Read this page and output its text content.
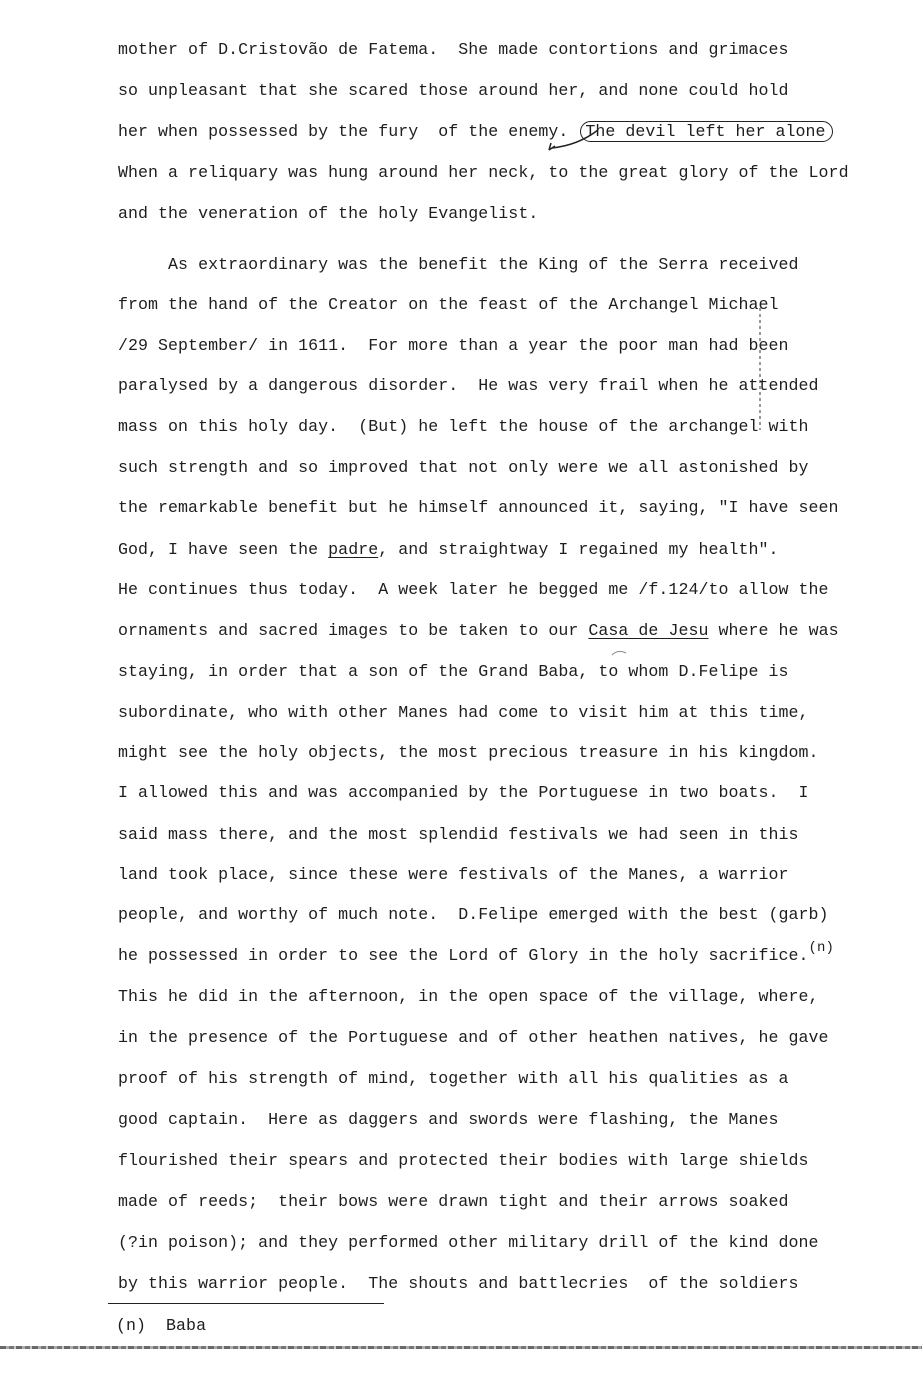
mother of D.Cristovão de Fatema.  She made contortions and grimaces
so unpleasant that she scared those around her, and none could hold
her when possessed by the fury  of the enemy. The devil left her alone
When a reliquary was hung around her neck, to the great glory of the Lord
and the veneration of the holy Evangelist.
As extraordinary was the benefit the King of the Serra received
from the hand of the Creator on the feast of the Archangel Michael
/29 September/ in 1611.  For more than a year the poor man had been
paralysed by a dangerous disorder.  He was very frail when he attended
mass on this holy day.  (But) he left the house of the archangel with
such strength and so improved that not only were we all astonished by
the remarkable benefit but he himself announced it, saying, "I have seen
God, I have seen the padre, and straightway I regained my health".
He continues thus today.  A week later he begged me /f.124/to allow the
ornaments and sacred images to be taken to our Casa de Jesu where he was
staying, in order that a son of the Grand Baba, to whom D.Felipe is
subordinate, who with other Manes had come to visit him at this time,
might see the holy objects, the most precious treasure in his kingdom.
I allowed this and was accompanied by the Portuguese in two boats.  I
said mass there, and the most splendid festivals we had seen in this
land took place, since these were festivals of the Manes, a warrior
people, and worthy of much note.  D.Felipe emerged with the best (garb)
he possessed in order to see the Lord of Glory in the holy sacrifice.$^{(n)}$
This he did in the afternoon, in the open space of the village, where,
in the presence of the Portuguese and of other heathen natives, he gave
proof of his strength of mind, together with all his qualities as a
good captain.  Here as daggers and swords were flashing, the Manes
flourished their spears and protected their bodies with large shields
made of reeds;  their bows were drawn tight and their arrows soaked
(?in poison); and they performed other military drill of the kind done
by this warrior people.  The shouts and battlecries  of the soldiers
(n)  Baba
